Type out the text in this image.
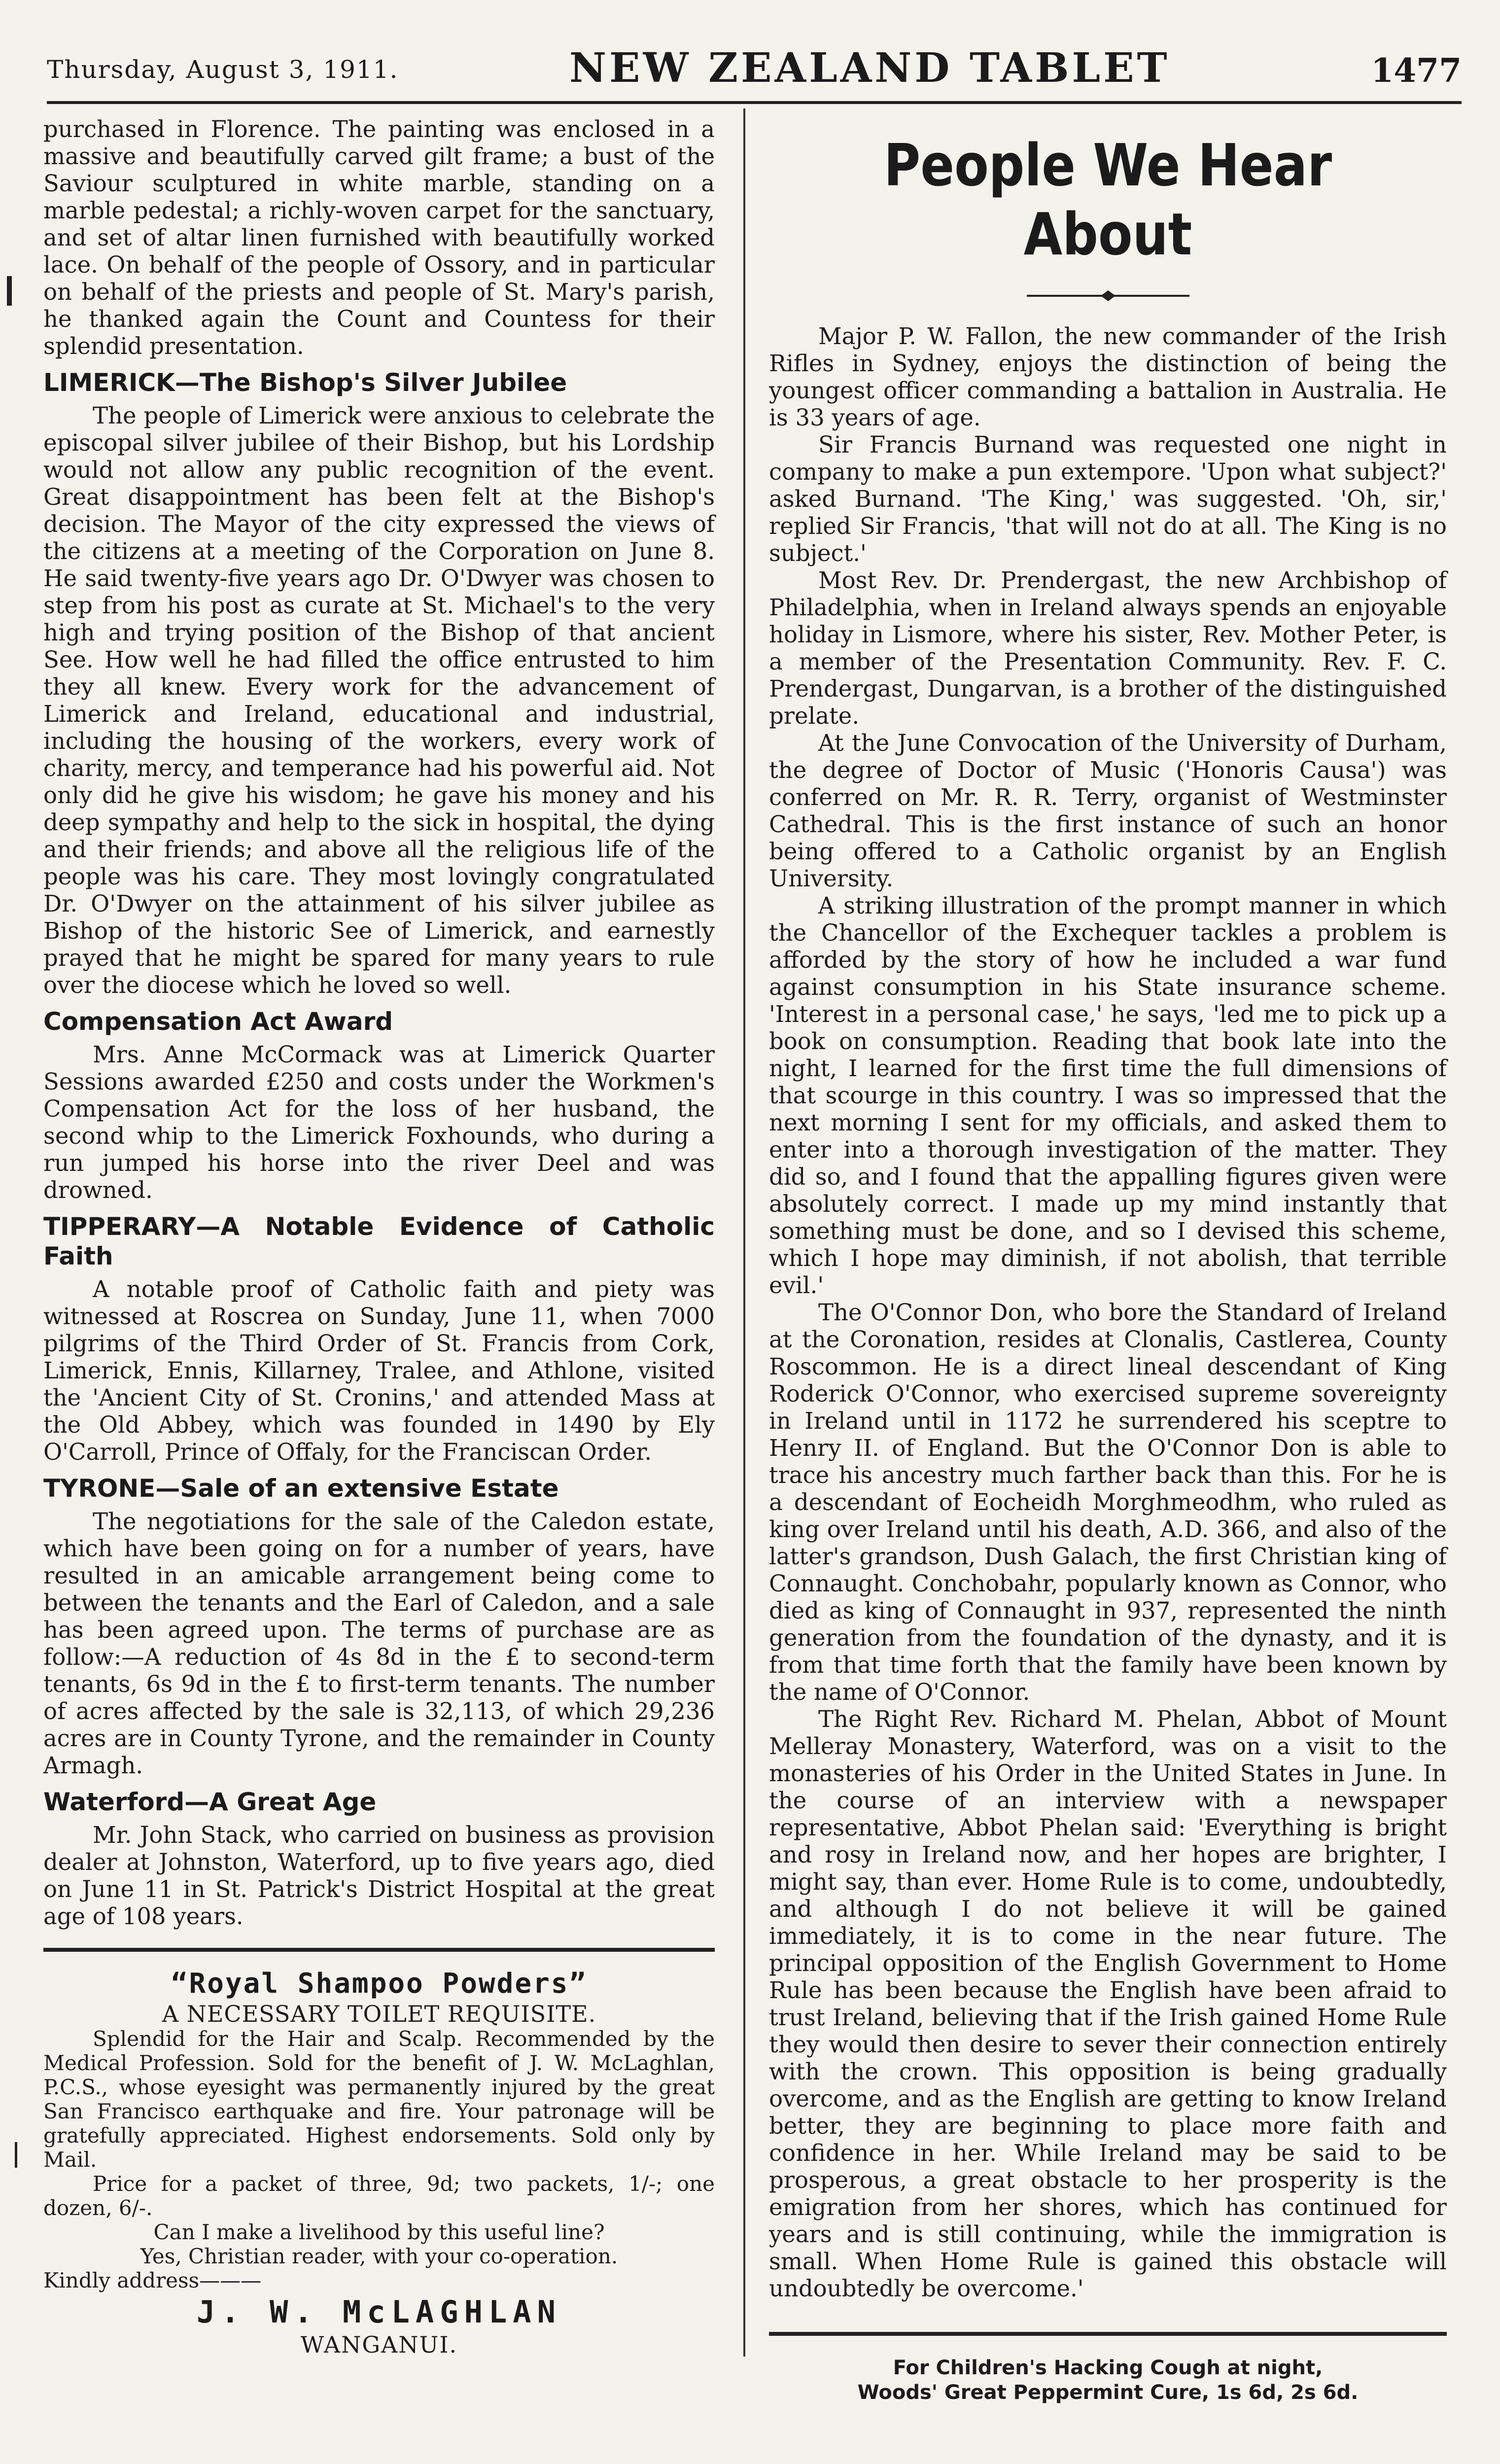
Thursday, August 3, 1911.	NEW ZEALAND TABLET	1477

purchased in Florence. The painting was enclosed in a massive and beautifully carved gilt frame; a bust of the Saviour sculptured in white marble, standing on a marble pedestal; a richly-woven carpet for the sanctuary, and set of altar linen furnished with beautifully worked lace. On behalf of the people of Ossory, and in particular on behalf of the priests and people of St. Mary's parish, he thanked again the Count and Countess for their splendid presentation.

LIMERICK—The Bishop's Silver Jubilee

The people of Limerick were anxious to celebrate the episcopal silver jubilee of their Bishop, but his Lordship would not allow any public recognition of the event. Great disappointment has been felt at the Bishop's decision. The Mayor of the city expressed the views of the citizens at a meeting of the Corporation on June 8. He said twenty-five years ago Dr. O'Dwyer was chosen to step from his post as curate at St. Michael's to the very high and trying position of the Bishop of that ancient See. How well he had filled the office entrusted to him they all knew. Every work for the advancement of Limerick and Ireland, educational and industrial, including the housing of the workers, every work of charity, mercy, and temperance had his powerful aid. Not only did he give his wisdom; he gave his money and his deep sympathy and help to the sick in hospital, the dying and their friends; and above all the religious life of the people was his care. They most lovingly congratulated Dr. O'Dwyer on the attainment of his silver jubilee as Bishop of the historic See of Limerick, and earnestly prayed that he might be spared for many years to rule over the diocese which he loved so well.

Compensation Act Award

Mrs. Anne McCormack was at Limerick Quarter Sessions awarded £250 and costs under the Workmen's Compensation Act for the loss of her husband, the second whip to the Limerick Foxhounds, who during a run jumped his horse into the river Deel and was drowned.

TIPPERARY—A Notable Evidence of Catholic Faith

A notable proof of Catholic faith and piety was witnessed at Roscrea on Sunday, June 11, when 7000 pilgrims of the Third Order of St. Francis from Cork, Limerick, Ennis, Killarney, Tralee, and Athlone, visited the 'Ancient City of St. Cronins,' and attended Mass at the Old Abbey, which was founded in 1490 by Ely O'Carroll, Prince of Offaly, for the Franciscan Order.

TYRONE—Sale of an extensive Estate

The negotiations for the sale of the Caledon estate, which have been going on for a number of years, have resulted in an amicable arrangement being come to between the tenants and the Earl of Caledon, and a sale has been agreed upon. The terms of purchase are as follow:—A reduction of 4s 8d in the £ to second-term tenants, 6s 9d in the £ to first-term tenants. The number of acres affected by the sale is 32,113, of which 29,236 acres are in County Tyrone, and the remainder in County Armagh.

Waterford—A Great Age

Mr. John Stack, who carried on business as provision dealer at Johnston, Waterford, up to five years ago, died on June 11 in St. Patrick's District Hospital at the great age of 108 years.

“Royal Shampoo Powders”
A NECESSARY TOILET REQUISITE.
Splendid for the Hair and Scalp. Recommended by the Medical Profession. Sold for the benefit of J. W. McLaghlan, P.C.S., whose eyesight was permanently injured by the great San Francisco earthquake and fire. Your patronage will be gratefully appreciated. Highest endorsements. Sold only by Mail.
Price for a packet of three, 9d; two packets, 1/-; one dozen, 6/-.
Can I make a livelihood by this useful line?
Yes, Christian reader, with your co-operation.
Kindly address———
J. W. McLAGHLAN
WANGANUI.
People We Hear About

Major P. W. Fallon, the new commander of the Irish Rifles in Sydney, enjoys the distinction of being the youngest officer commanding a battalion in Australia. He is 33 years of age.

Sir Francis Burnand was requested one night in company to make a pun extempore. 'Upon what subject?' asked Burnand. 'The King,' was suggested. 'Oh, sir,' replied Sir Francis, 'that will not do at all. The King is no subject.'

Most Rev. Dr. Prendergast, the new Archbishop of Philadelphia, when in Ireland always spends an enjoyable holiday in Lismore, where his sister, Rev. Mother Peter, is a member of the Presentation Community. Rev. F. C. Prendergast, Dungarvan, is a brother of the distinguished prelate.

At the June Convocation of the University of Durham, the degree of Doctor of Music ('Honoris Causa') was conferred on Mr. R. R. Terry, organist of Westminster Cathedral. This is the first instance of such an honor being offered to a Catholic organist by an English University.

A striking illustration of the prompt manner in which the Chancellor of the Exchequer tackles a problem is afforded by the story of how he included a war fund against consumption in his State insurance scheme. 'Interest in a personal case,' he says, 'led me to pick up a book on consumption. Reading that book late into the night, I learned for the first time the full dimensions of that scourge in this country. I was so impressed that the next morning I sent for my officials, and asked them to enter into a thorough investigation of the matter. They did so, and I found that the appalling figures given were absolutely correct. I made up my mind instantly that something must be done, and so I devised this scheme, which I hope may diminish, if not abolish, that terrible evil.'

The O'Connor Don, who bore the Standard of Ireland at the Coronation, resides at Clonalis, Castlerea, County Roscommon. He is a direct lineal descendant of King Roderick O'Connor, who exercised supreme sovereignty in Ireland until in 1172 he surrendered his sceptre to Henry II. of England. But the O'Connor Don is able to trace his ancestry much farther back than this. For he is a descendant of Eocheidh Morghmeodhm, who ruled as king over Ireland until his death, A.D. 366, and also of the latter's grandson, Dush Galach, the first Christian king of Connaught. Conchobahr, popularly known as Connor, who died as king of Connaught in 937, represented the ninth generation from the foundation of the dynasty, and it is from that time forth that the family have been known by the name of O'Connor.

The Right Rev. Richard M. Phelan, Abbot of Mount Melleray Monastery, Waterford, was on a visit to the monasteries of his Order in the United States in June. In the course of an interview with a newspaper representative, Abbot Phelan said: 'Everything is bright and rosy in Ireland now, and her hopes are brighter, I might say, than ever. Home Rule is to come, undoubtedly, and although I do not believe it will be gained immediately, it is to come in the near future. The principal opposition of the English Government to Home Rule has been because the English have been afraid to trust Ireland, believing that if the Irish gained Home Rule they would then desire to sever their connection entirely with the crown. This opposition is being gradually overcome, and as the English are getting to know Ireland better, they are beginning to place more faith and confidence in her. While Ireland may be said to be prosperous, a great obstacle to her prosperity is the emigration from her shores, which has continued for years and is still continuing, while the immigration is small. When Home Rule is gained this obstacle will undoubtedly be overcome.'

For Children's Hacking Cough at night,
Woods' Great Peppermint Cure, 1s 6d, 2s 6d.
